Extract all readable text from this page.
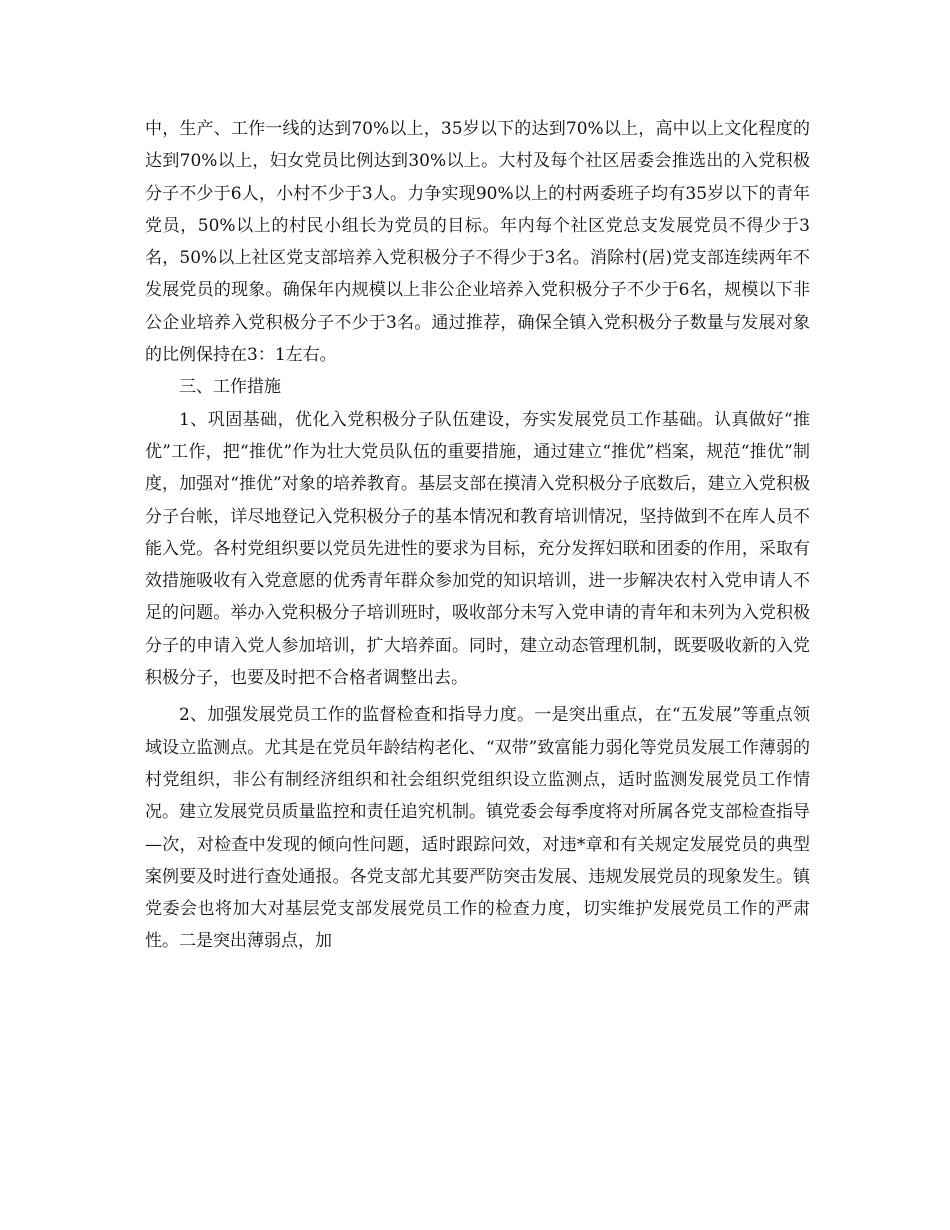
中，生产、工作一线的达到70%以上，35岁以下的达到70%以上，高中以上文化程度的达到70%以上，妇女党员比例达到30%以上。大村及每个社区居委会推选出的入党积极分子不少于6人，小村不少于3人。力争实现90%以上的村两委班子均有35岁以下的青年党员，50%以上的村民小组长为党员的目标。年内每个社区党总支发展党员不得少于3名，50%以上社区党支部培养入党积极分子不得少于3名。消除村(居)党支部连续两年不发展党员的现象。确保年内规模以上非公企业培养入党积极分子不少于6名，规模以下非公企业培养入党积极分子不少于3名。通过推荐，确保全镇入党积极分子数量与发展对象的比例保持在3：1左右。

三、工作措施

1、巩固基础，优化入党积极分子队伍建设，夯实发展党员工作基础。认真做好“推优”工作，把“推优”作为壮大党员队伍的重要措施，通过建立“推优”档案，规范“推优”制度，加强对“推优”对象的培养教育。基层支部在摸清入党积极分子底数后，建立入党积极分子台帐，详尽地登记入党积极分子的基本情况和教育培训情况，坚持做到不在库人员不能入党。各村党组织要以党员先进性的要求为目标，充分发挥妇联和团委的作用，采取有效措施吸收有入党意愿的优秀青年群众参加党的知识培训，进一步解决农村入党申请人不足的问题。举办入党积极分子培训班时，吸收部分未写入党申请的青年和未列为入党积极分子的申请入党人参加培训，扩大培养面。同时，建立动态管理机制，既要吸收新的入党积极分子，也要及时把不合格者调整出去。

2、加强发展党员工作的监督检查和指导力度。一是突出重点，在“五发展”等重点领域设立监测点。尤其是在党员年龄结构老化、“双带”致富能力弱化等党员发展工作薄弱的村党组织，非公有制经济组织和社会组织党组织设立监测点，适时监测发展党员工作情况。建立发展党员质量监控和责任追究机制。镇党委会每季度将对所属各党支部检查指导—次，对检查中发现的倾向性问题，适时跟踪问效，对违*章和有关规定发展党员的典型案例要及时进行查处通报。各党支部尤其要严防突击发展、违规发展党员的现象发生。镇党委会也将加大对基层党支部发展党员工作的检查力度，切实维护发展党员工作的严肃性。二是突出薄弱点，加
